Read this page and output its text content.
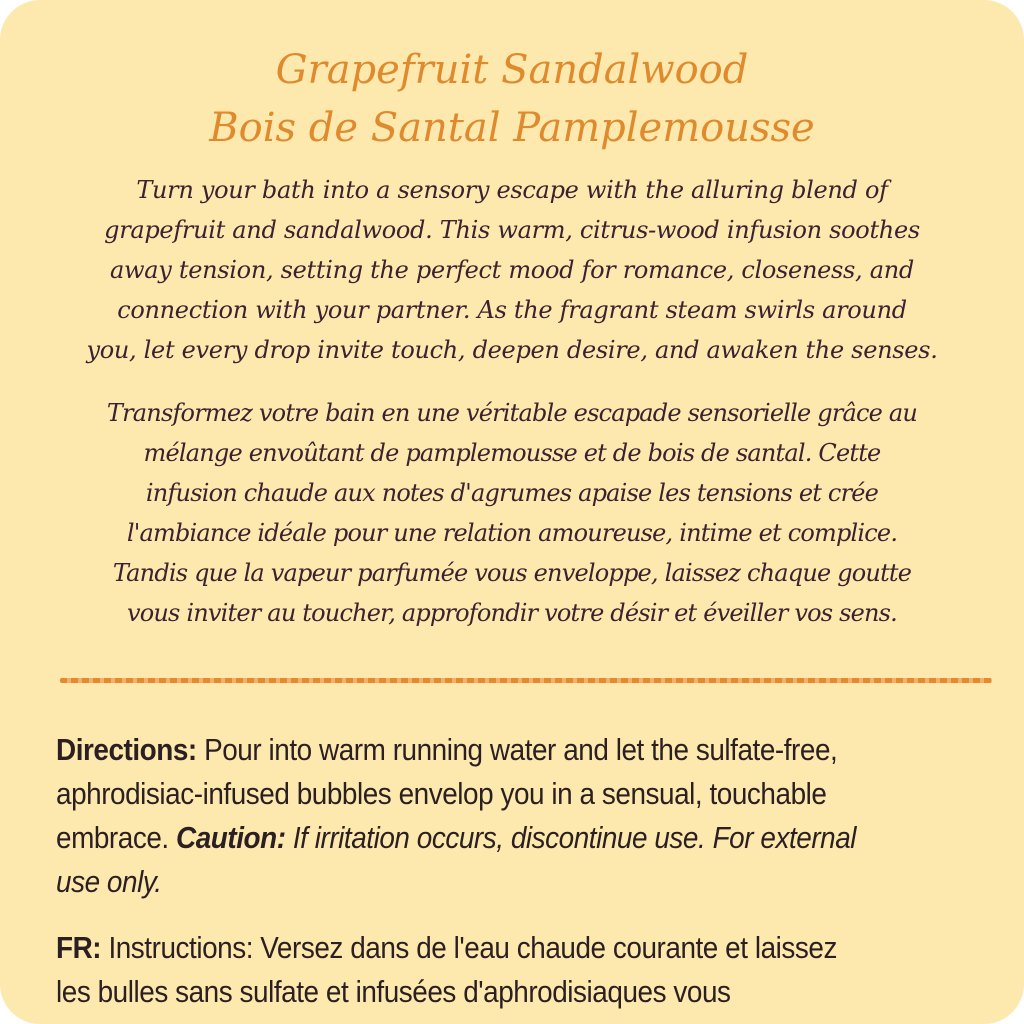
Grapefruit Sandalwood
Bois de Santal Pamplemousse
Turn your bath into a sensory escape with the alluring blend of
grapefruit and sandalwood. This warm, citrus-wood infusion soothes
away tension, setting the perfect mood for romance, closeness, and
connection with your partner. As the fragrant steam swirls around
you, let every drop invite touch, deepen desire, and awaken the senses.
Transformez votre bain en une véritable escapade sensorielle grâce au
mélange envoûtant de pamplemousse et de bois de santal. Cette
infusion chaude aux notes d'agrumes apaise les tensions et crée
l'ambiance idéale pour une relation amoureuse, intime et complice.
Tandis que la vapeur parfumée vous enveloppe, laissez chaque goutte
vous inviter au toucher, approfondir votre désir et éveiller vos sens.
Directions: Pour into warm running water and let the sulfate-free,
aphrodisiac-infused bubbles envelop you in a sensual, touchable
embrace. Caution: If irritation occurs, discontinue use. For external
use only.
FR: Instructions: Versez dans de l'eau chaude courante et laissez
les bulles sans sulfate et infusées d'aphrodisiaques vous
